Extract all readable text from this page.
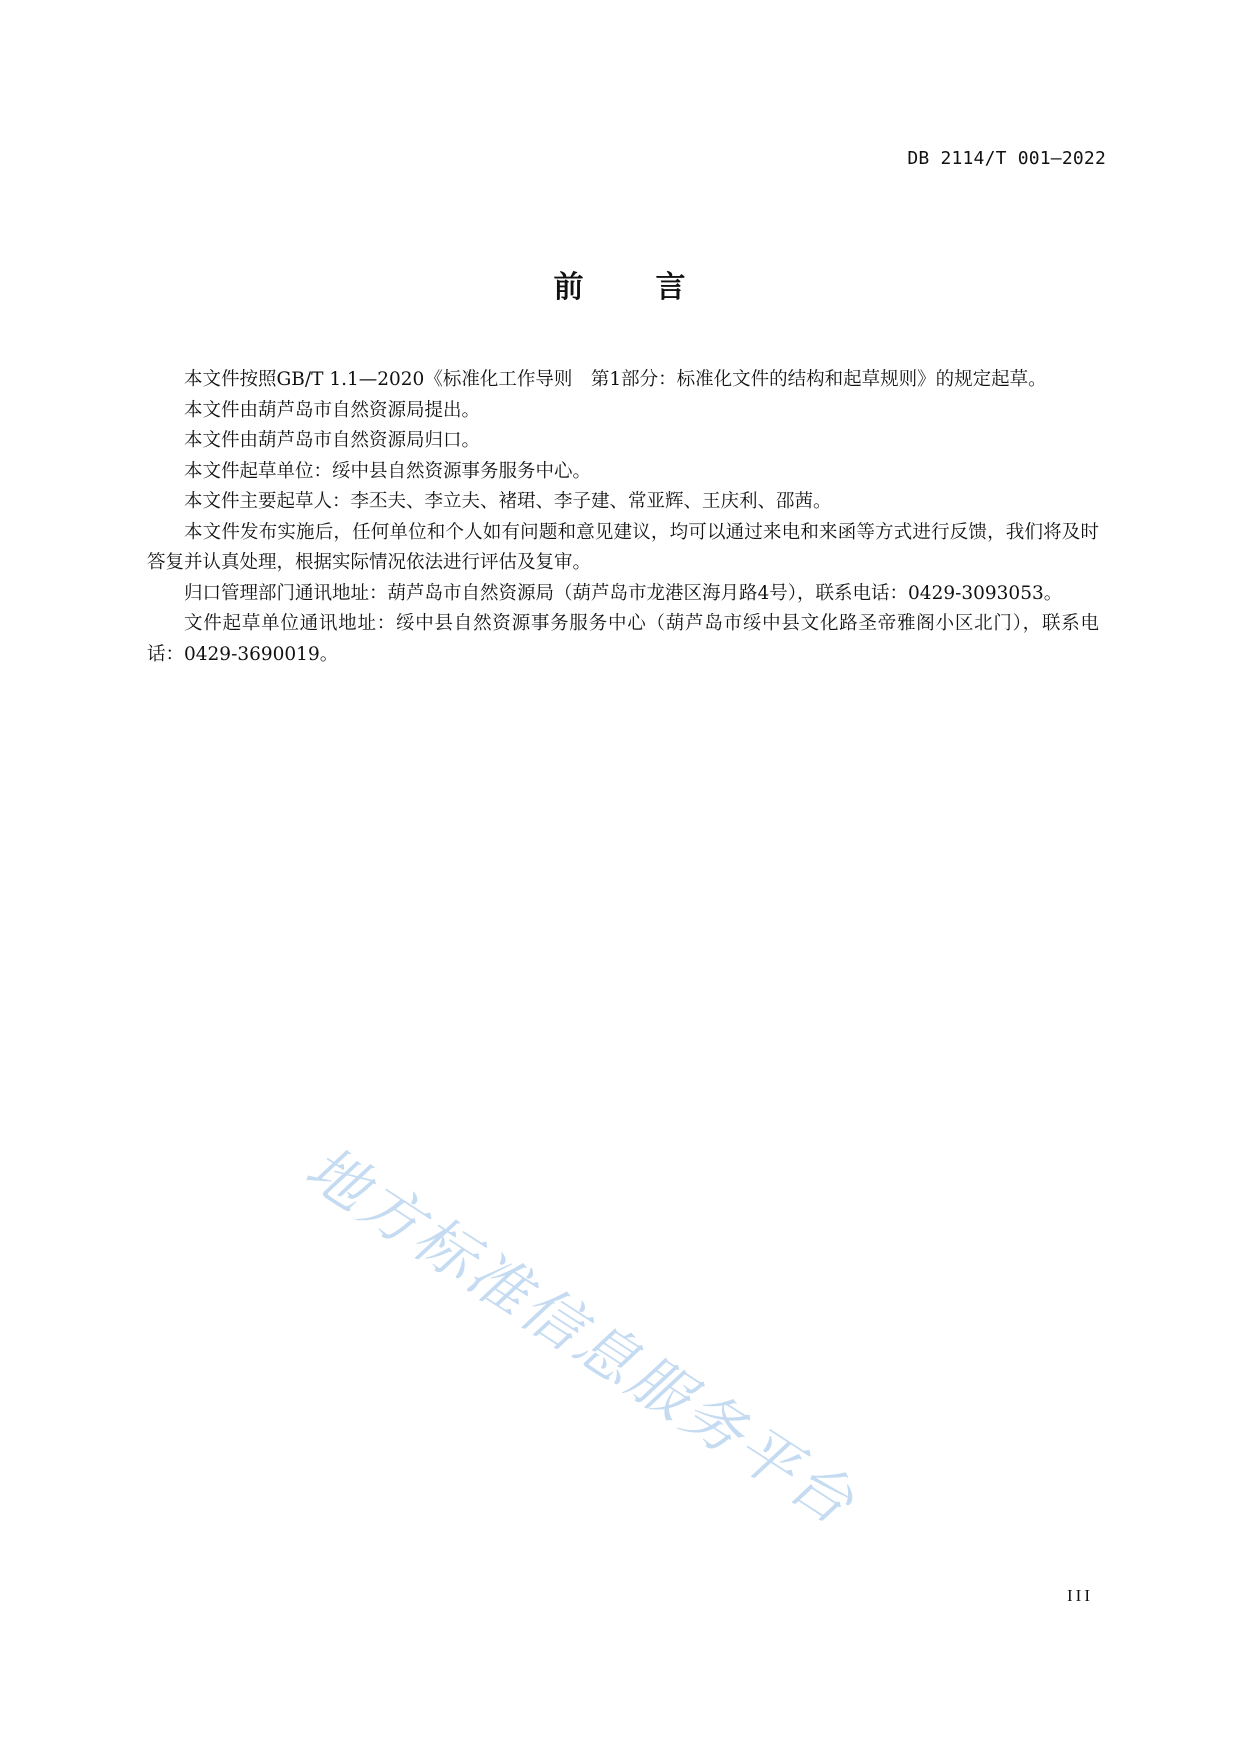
DB 2114/T 001—2022
前 言

本文件按照GB/T 1.1—2020《标准化工作导则　第1部分：标准化文件的结构和起草规则》的规定起草。

本文件由葫芦岛市自然资源局提出。

本文件由葫芦岛市自然资源局归口。

本文件起草单位：绥中县自然资源事务服务中心。

本文件主要起草人：李丕夫、李立夫、褚珺、李子建、常亚辉、王庆利、邵茜。

本文件发布实施后，任何单位和个人如有问题和意见建议，均可以通过来电和来函等方式进行反馈，我们将及时答复并认真处理，根据实际情况依法进行评估及复审。

归口管理部门通讯地址：葫芦岛市自然资源局（葫芦岛市龙港区海月路4号），联系电话：0429-3093053。

文件起草单位通讯地址：绥中县自然资源事务服务中心（葫芦岛市绥中县文化路圣帝雅阁小区北门），联系电话：0429-3690019。

地方标准信息服务平台
III
